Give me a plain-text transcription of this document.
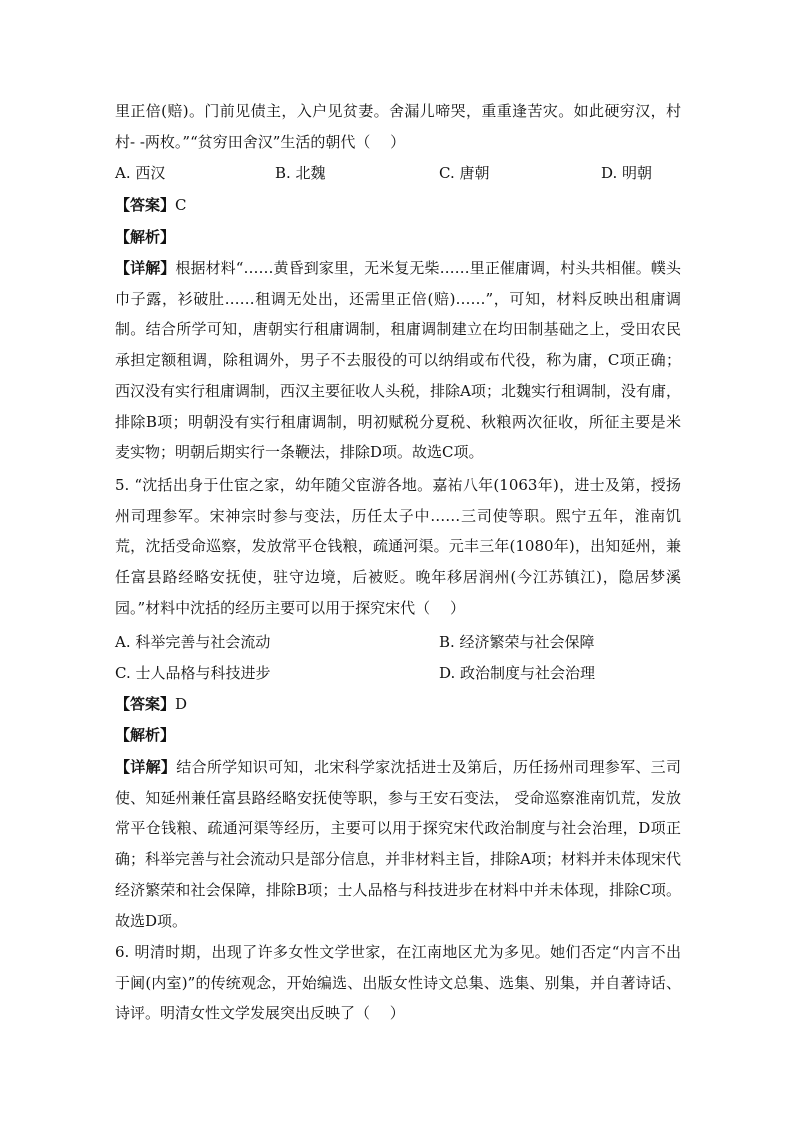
里正倍(赔)。门前见债主，入户见贫妻。舍漏儿啼哭，重重逢苦灾。如此硬穷汉，村村- -两枚。”“贫穷田舍汉”生活的朝代（　 ）

A. 西汉	B. 北魏	C. 唐朝	D. 明朝

【答案】C

【解析】

【详解】根据材料“……黄昏到家里，无米复无柴……里正催庸调，村头共相催。幞头巾子露，衫破肚……租调无处出，还需里正倍(赔)……”，可知，材料反映出租庸调制。结合所学可知，唐朝实行租庸调制，租庸调制建立在均田制基础之上，受田农民承担定额租调，除租调外，男子不去服役的可以纳绢或布代役，称为庸，C项正确；西汉没有实行租庸调制，西汉主要征收人头税，排除A项；北魏实行租调制，没有庸，排除B项；明朝没有实行租庸调制，明初赋税分夏税、秋粮两次征收，所征主要是米麦实物；明朝后期实行一条鞭法，排除D项。故选C项。

5. “沈括出身于仕宦之家，幼年随父宦游各地。嘉祐八年(1063年)，进士及第，授扬州司理参军。宋神宗时参与变法，历任太子中……三司使等职。熙宁五年，淮南饥荒，沈括受命巡察，发放常平仓钱粮，疏通河渠。元丰三年(1080年)，出知延州，兼任富县路经略安抚使，驻守边境，后被贬。晚年移居润州(今江苏镇江)，隐居梦溪园。”材料中沈括的经历主要可以用于探究宋代（　 ）

A. 科举完善与社会流动	B. 经济繁荣与社会保障
C. 士人品格与科技进步	D. 政治制度与社会治理

【答案】D

【解析】

【详解】结合所学知识可知，北宋科学家沈括进士及第后，历任扬州司理参军、三司使、知延州兼任富县路经略安抚使等职，参与王安石变法， 受命巡察淮南饥荒，发放常平仓钱粮、疏通河渠等经历，主要可以用于探究宋代政治制度与社会治理，D项正确；科举完善与社会流动只是部分信息，并非材料主旨，排除A项；材料并未体现宋代经济繁荣和社会保障，排除B项；士人品格与科技进步在材料中并未体现，排除C项。故选D项。

6. 明清时期，出现了许多女性文学世家，在江南地区尤为多见。她们否定“内言不出于阃(内室)”的传统观念，开始编选、出版女性诗文总集、选集、别集，并自著诗话、诗评。明清女性文学发展突出反映了（　 ）
